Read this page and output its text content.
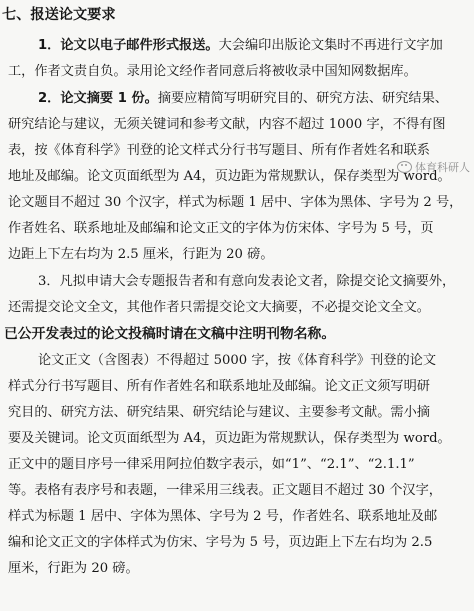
七、报送论文要求
1．论文以电子邮件形式报送。大会编印出版论文集时不再进行文字加
工，作者文责自负。录用论文经作者同意后将被收录中国知网数据库。
2．论文摘要 1 份。摘要应精简写明研究目的、研究方法、研究结果、
研究结论与建议，无须关键词和参考文献，内容不超过 1000 字，不得有图
表，按《体育科学》刊登的论文样式分行书写题目、所有作者姓名和联系
地址及邮编。论文页面纸型为 A4，页边距为常规默认，保存类型为 word。
论文题目不超过 30 个汉字，样式为标题 1 居中、字体为黑体、字号为 2 号，
作者姓名、联系地址及邮编和论文正文的字体为仿宋体、字号为 5 号，页
边距上下左右均为 2.5 厘米，行距为 20 磅。
3．凡拟申请大会专题报告者和有意向发表论文者，除提交论文摘要外，
还需提交论文全文，其他作者只需提交论文大摘要，不必提交论文全文。
已公开发表过的论文投稿时请在文稿中注明刊物名称。
论文正文（含图表）不得超过 5000 字，按《体育科学》刊登的论文
样式分行书写题目、所有作者姓名和联系地址及邮编。论文正文须写明研
究目的、研究方法、研究结果、研究结论与建议、主要参考文献。需小摘
要及关键词。论文页面纸型为 A4，页边距为常规默认，保存类型为 word。
正文中的题目序号一律采用阿拉伯数字表示，如“1”、“2.1”、“2.1.1”
等。表格有表序号和表题，一律采用三线表。正文题目不超过 30 个汉字，
样式为标题 1 居中、字体为黑体、字号为 2 号，作者姓名、联系地址及邮
编和论文正文的字体样式为仿宋、字号为 5 号，页边距上下左右均为 2.5
厘米，行距为 20 磅。
体育科研人
